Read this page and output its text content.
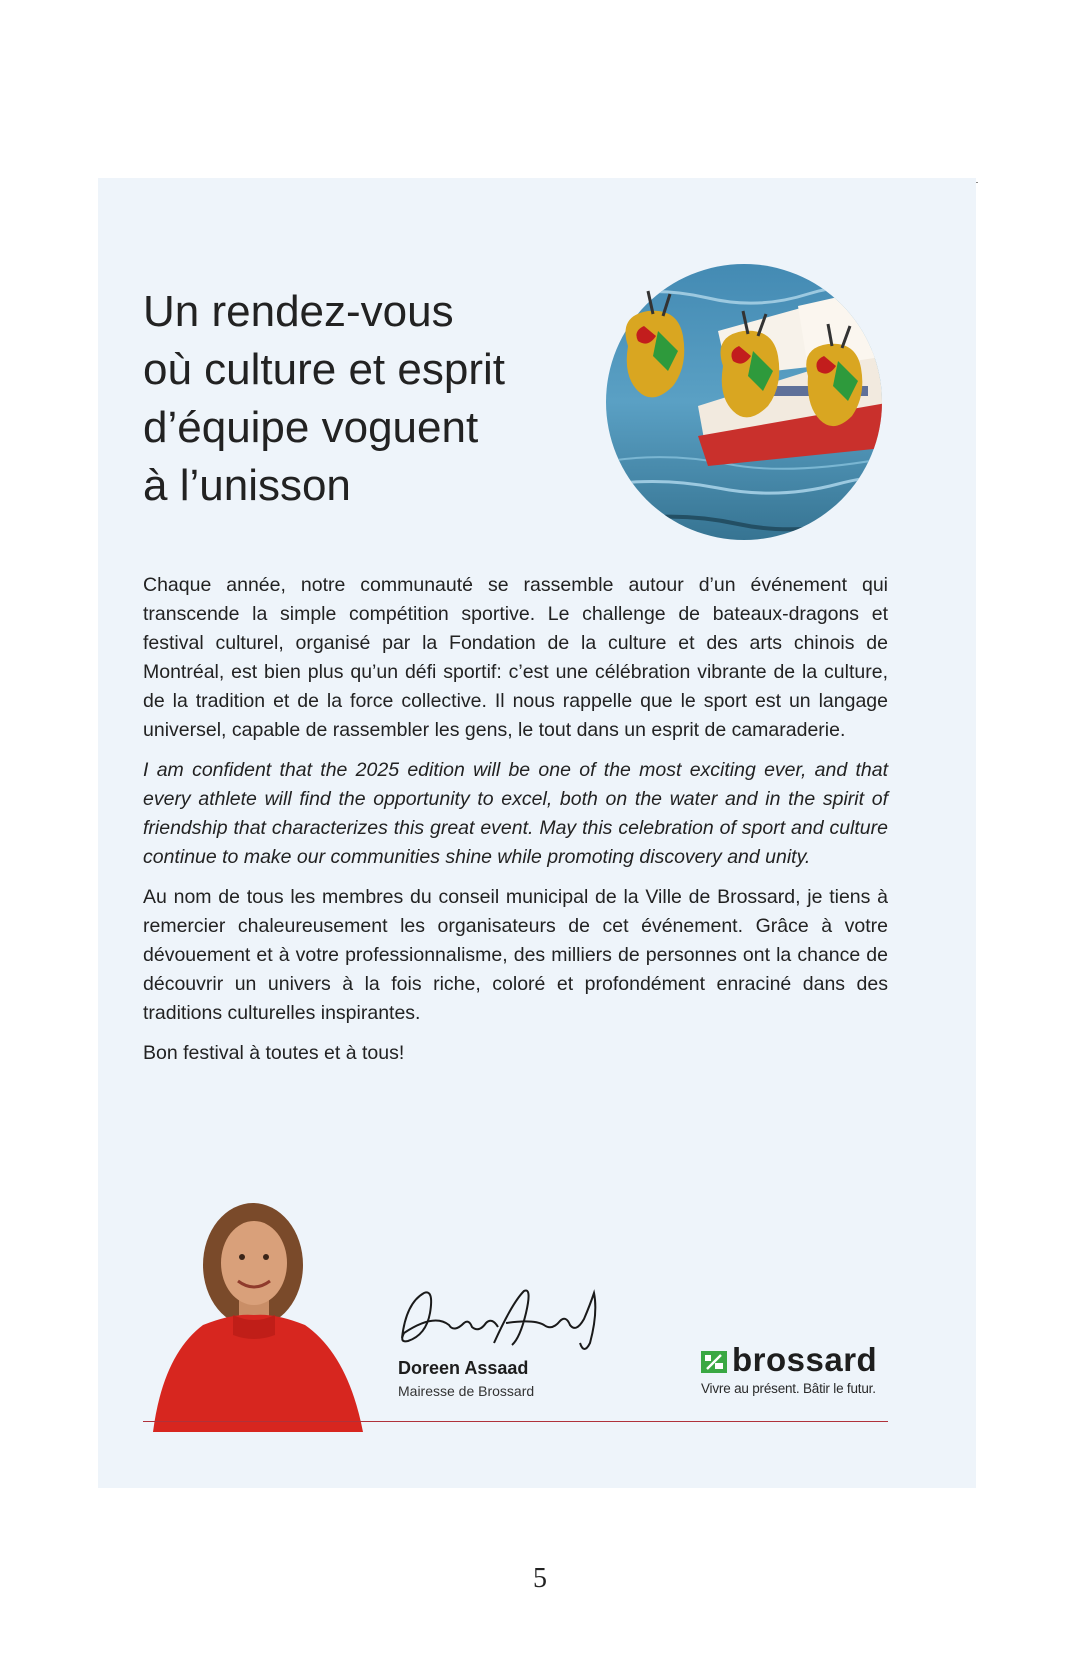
Un rendez-vous
où culture et esprit
d’équipe voguent
à l’unisson

Chaque année, notre communauté se rassemble autour d’un événement qui transcende la simple compétition sportive. Le challenge de bateaux-dragons et festival culturel, organisé par la Fondation de la culture et des arts chinois de Montréal, est bien plus qu’un défi sportif: c’est une célébration vibrante de la culture, de la tradition et de la force collective. Il nous rappelle que le sport est un langage universel, capable de rassembler les gens, le tout dans un esprit de camaraderie.

I am confident that the 2025 edition will be one of the most exciting ever, and that every athlete will find the opportunity to excel, both on the water and in the spirit of friendship that characterizes this great event. May this celebration of sport and culture continue to make our communities shine while promoting discovery and unity.

Au nom de tous les membres du conseil municipal de la Ville de Brossard, je tiens à remercier chaleureusement les organisateurs de cet événement. Grâce à votre dévouement et à votre professionnalisme, des milliers de personnes ont la chance de découvrir un univers à la fois riche, coloré et profondément enraciné dans des traditions culturelles inspirantes.

Bon festival à toutes et à tous!

Doreen Assaad
Mairesse de Brossard
brossard
Vivre au présent. Bâtir le futur.
5
